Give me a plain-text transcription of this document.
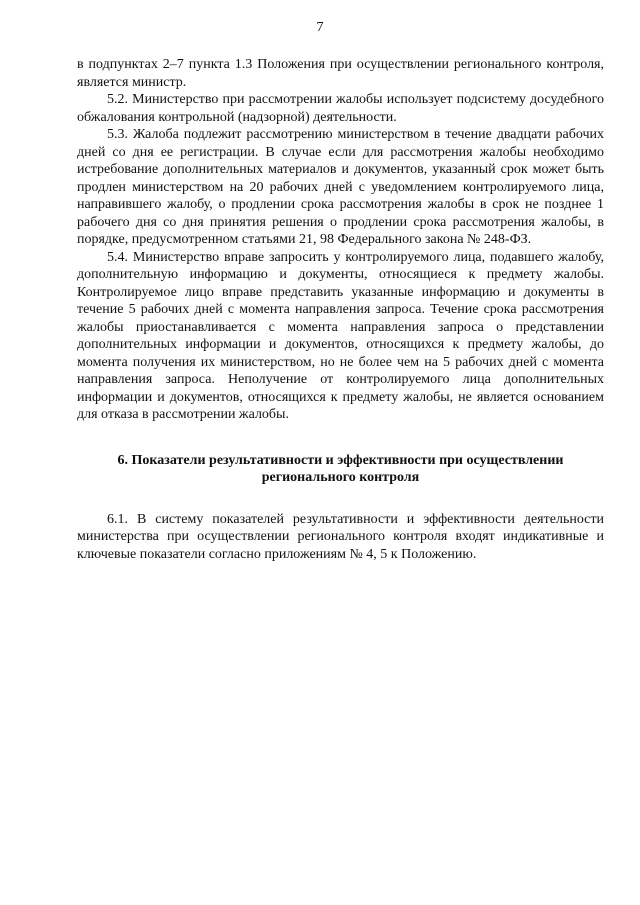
7

в подпунктах 2–7 пункта 1.3 Положения при осуществлении регионального контроля, является министр.

5.2. Министерство при рассмотрении жалобы использует подсистему досудебного обжалования контрольной (надзорной) деятельности.

5.3. Жалоба подлежит рассмотрению министерством в течение двадцати рабочих дней со дня ее регистрации. В случае если для рассмотрения жалобы необходимо истребование дополнительных материалов и документов, указанный срок может быть продлен министерством на 20 рабочих дней с уведомлением контролируемого лица, направившего жалобу, о продлении срока рассмотрения жалобы в срок не позднее 1 рабочего дня со дня принятия решения о продлении срока рассмотрения жалобы, в порядке, предусмотренном статьями 21, 98 Федерального закона № 248-ФЗ.

5.4. Министерство вправе запросить у контролируемого лица, подавшего жалобу, дополнительную информацию и документы, относящиеся к предмету жалобы. Контролируемое лицо вправе представить указанные информацию и документы в течение 5 рабочих дней с момента направления запроса. Течение срока рассмотрения жалобы приостанавливается с момента направления запроса о представлении дополнительных информации и документов, относящихся к предмету жалобы, до момента получения их министерством, но не более чем на 5 рабочих дней с момента направления запроса. Неполучение от контролируемого лица дополнительных информации и документов, относящихся к предмету жалобы, не является основанием для отказа в рассмотрении жалобы.

6. Показатели результативности и эффективности при осуществлении регионального контроля

6.1. В систему показателей результативности и эффективности деятельности министерства при осуществлении регионального контроля входят индикативные и ключевые показатели согласно приложениям № 4, 5 к Положению.
